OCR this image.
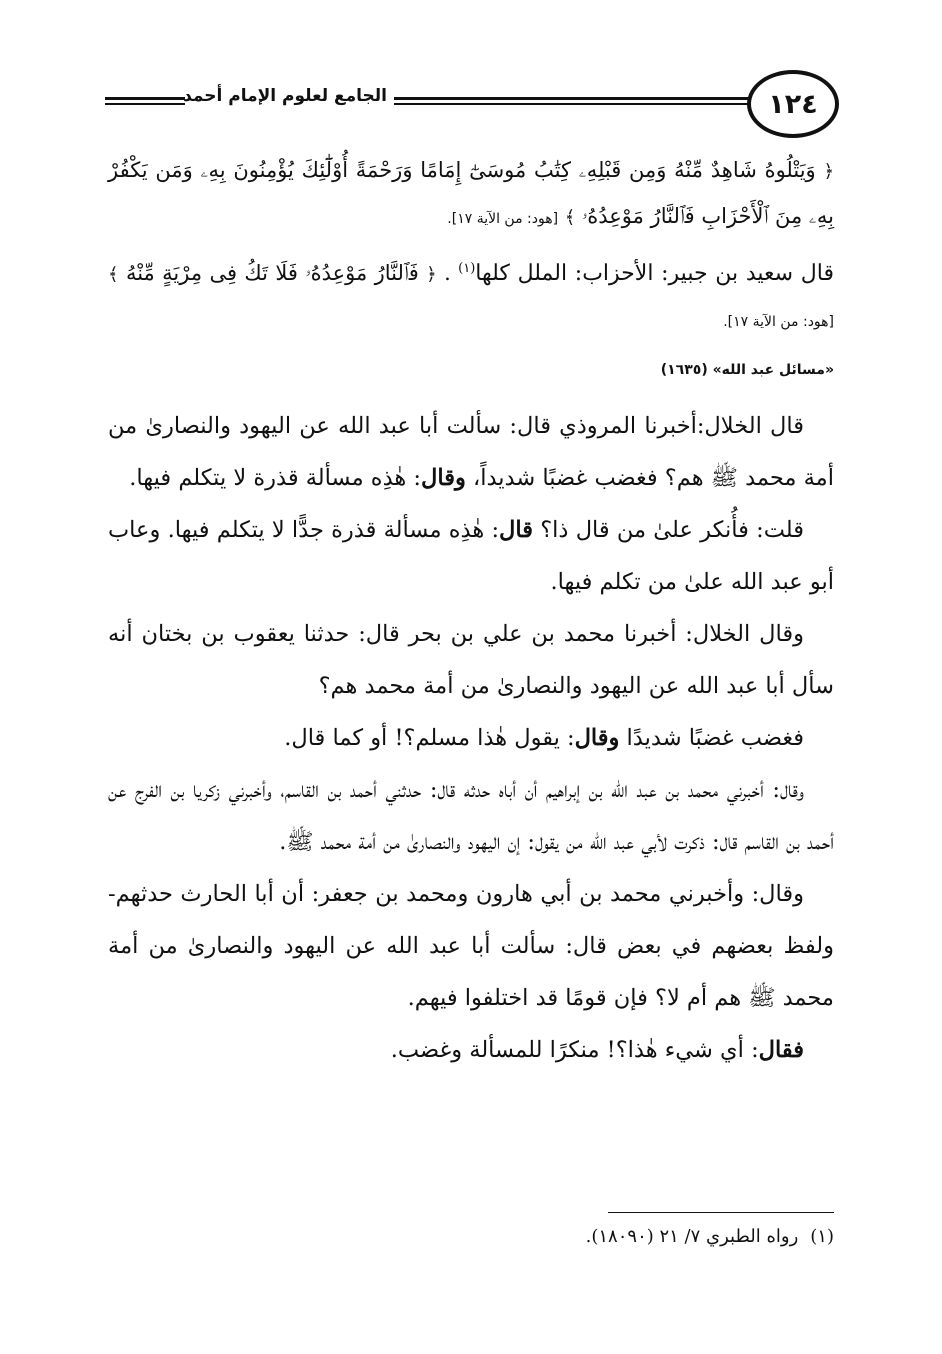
١٢٤
الجامع لعلوم الإمام أحمد

﴿ وَيَتْلُوهُ شَاهِدٌ مِّنْهُ وَمِن قَبْلِهِۦ كِتَٰبُ مُوسَىٰٓ إِمَامًا وَرَحْمَةً أُوْلَٰٓئِكَ يُؤْمِنُونَ بِهِۦ وَمَن يَكْفُرْ بِهِۦ مِنَ ٱلْأَحْزَابِ فَٱلنَّارُ مَوْعِدُهُۥ ﴾ [هود: من الآية ١٧].

قال سعيد بن جبير: الأحزاب: الملل كلها$^{(١)}$ . ﴿ فَٱلنَّارُ مَوْعِدُهُۥ فَلَا تَكُ فِى مِرْيَةٍ مِّنْهُ ﴾ [هود: من الآية ١٧].

«مسائل عبد الله» (١٦٣٥)

قال الخلال:أخبرنا المروذي قال: سألت أبا عبد الله عن اليهود والنصارىٰ من أمة محمد ﷺ هم؟ فغضب غضبًا شديداً، وقال: هٰذِه مسألة قذرة لا يتكلم فيها.

قلت: فأُنكر علىٰ من قال ذا؟ قال: هٰذِه مسألة قذرة جدًّا لا يتكلم فيها. وعاب أبو عبد الله علىٰ من تكلم فيها.

وقال الخلال: أخبرنا محمد بن علي بن بحر قال: حدثنا يعقوب بن بختان أنه سأل أبا عبد الله عن اليهود والنصارىٰ من أمة محمد هم؟

فغضب غضبًا شديدًا وقال: يقول هٰذا مسلم؟! أو كما قال.

وقال: أخبرني محمد بن عبد الله بن إبراهيم أن أباه حدثه قال: حدثني أحمد بن القاسم، وأخبرني زكريا بن الفرج عن أحمد بن القاسم قال: ذكرت لأبي عبد الله من يقول: إن اليهود والنصارىٰ من أمة محمد ﷺ.

وقال: وأخبرني محمد بن أبي هارون ومحمد بن جعفر: أن أبا الحارث حدثهم- ولفظ بعضهم في بعض قال: سألت أبا عبد الله عن اليهود والنصارىٰ من أمة محمد ﷺ هم أم لا؟ فإن قومًا قد اختلفوا فيهم.

فقال: أي شيء هٰذا؟! منكرًا للمسألة وغضب.

(١)رواه الطبري ٧/ ٢١ (١٨٠٩٠).
